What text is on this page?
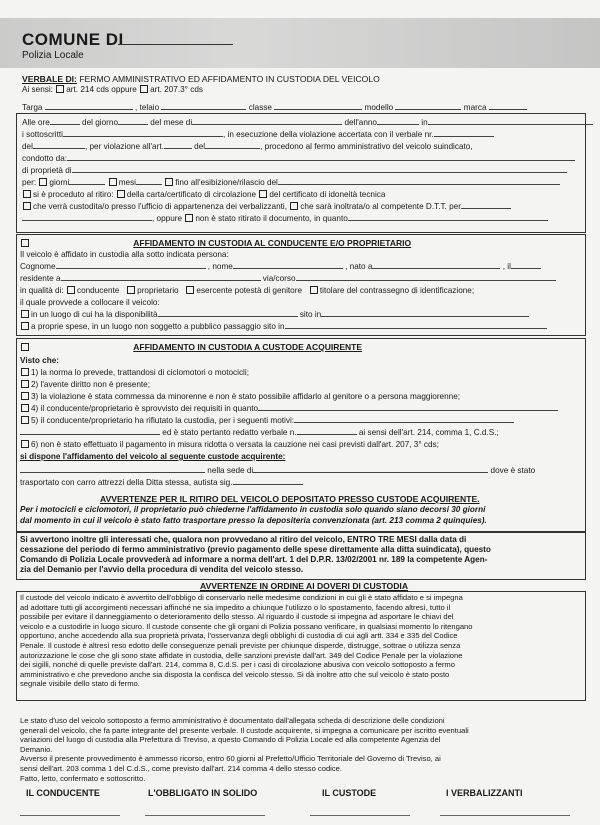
COMUNE DI
Polizia Locale
VERBALE DI: FERMO AMMINISTRATIVO ED AFFIDAMENTO IN CUSTODIA DEL VEICOLO
Ai sensi: art. 214 cds oppure art. 207.3° cds
Targa	, telaio	classe	modello	marca
Alle ore	del giorno	del mese di	dell'anno	in
i sottoscritti	, in esecuzione della violazione accertata con il verbale nr.
del	, per violazione all'art.	del	, procedono al fermo amministrativo del veicolo suindicato,
condotto da:
di proprietà di
per: giorni	mesi	fino all'esibizione/rilascio del
si è proceduto al ritiro: della carta/certificato di circolazione del certificato di idoneità tecnica
che verrà custodita/o presso l'ufficio di appartenenza dei verbalizzanti, che sarà inoltrata/o al competente D.T.T. per
, oppure non è stato ritirato il documento, in quanto
AFFIDAMENTO IN CUSTODIA AL CONDUCENTE E/O PROPRIETARIO
Il veicolo è affidato in custodia alla sotto indicata persona:
Cognome	, nome	, nato a	, il
residente a	via/corso
in qualità di: conducente proprietario esercente potestà di genitore titolare del contrassegno di identificazione;
il quale provvede a collocare il veicolo:
in un luogo di cui ha la disponibilità	sito in
a proprie spese, in un luogo non soggetto a pubblico passaggio sito in
AFFIDAMENTO IN CUSTODIA A CUSTODE ACQUIRENTE
Visto che:
1) la norma lo prevede, trattandosi di ciclomotori o motocicli;
2) l'avente diritto non è presente;
3) la violazione è stata commessa da minorenne e non è stato possibile affidarlo al genitore o a persona maggiorenne;
4) il conducente/proprietario è sprovvisto dei requisiti in quanto
5) il conducente/proprietario ha rifiutato la custodia, per i seguenti motivi:
ed è stato pertanto redatto verbale n.	ai sensi dell'art. 214, comma 1, C.d.S.;
6) non è stato effettuato il pagamento in misura ridotta o versata la cauzione nei casi previsti dall'art. 207, 3° cds;
si dispone l'affidamento del veicolo al seguente custode acquirente:
nella sede di	dove è stato
trasportato con carro attrezzi della Ditta stessa, autista sig.
AVVERTENZE PER IL RITIRO DEL VEICOLO DEPOSITATO PRESSO CUSTODE ACQUIRENTE.
Per i motocicli e ciclomotori, il proprietario può chiederne l'affidamento in custodia solo quando siano decorsi 30 giorni
dal momento in cui il veicolo è stato fatto trasportare presso la depositeria convenzionata (art. 213 comma 2 quinquies).
Si avvertono inoltre gli interessati che, qualora non provvedano al ritiro del veicolo, ENTRO TRE MESI dalla data di
cessazione del periodo di fermo amministrativo (previo pagamento delle spese direttamente alla ditta suindicata), questo
Comando di Polizia Locale provvederà ad informare a norma dell'art. 1 del D.P.R. 13/02/2001 nr. 189 la competente Agen-
zia del Demanio per l'avvio della procedura di vendita del veicolo stesso.
AVVERTENZE IN ORDINE AI DOVERI DI CUSTODIA
Il custode del veicolo indicato è avvertito dell'obbligo di conservarlo nelle medesime condizioni in cui gli è stato affidato e si impegna
ad adottare tutti gli accorgimenti necessari affinché ne sia impedito a chiunque l'utilizzo o lo spostamento, facendo altresì, tutto il
possibile per evitare il danneggiamento o deterioramento dello stesso. Al riguardo il custode si impegna ad asportare le chiavi del
veicolo e a custodirle in luogo sicuro. Il custode consente che gli organi di Polizia possano verificare, in qualsiasi momento lo ritengano
opportuno, anche accedendo alla sua proprietà privata, l'osservanza degli obblighi di custodia di cui agli artt. 334 e 335 del Codice
Penale. Il custode è altresì reso edotto delle conseguenze penali previste per chiunque disperde, distrugge, sottrae o utilizza senza
autorizzazione le cose che gli sono state affidate in custodia, delle sanzioni previste dall'art. 349 del Codice Penale per la violazione
dei sigilli, nonché di quelle previste dall'art. 214, comma 8, C.d.S. per i casi di circolazione abusiva con veicolo sottoposto a fermo
amministrativo e che prevedono anche sia disposta la confisca del veicolo stesso. Si dà inoltre atto che sul veicolo è stato posto
segnale visibile dello stato di fermo.
Le stato d'uso del veicolo sottoposto a fermo amministrativo è documentato dall'allegata scheda di descrizione delle condizioni
generali del veicolo, che fa parte integrante del presente verbale. Il custode acquirente, si impegna a comunicare per iscritto eventuali
variazioni del luogo di custodia alla Prefettura di Treviso, a questo Comando di Polizia Locale ed alla competente Agenzia del
Demanio.
Avverso il presente provvedimento è ammesso ricorso, entro 60 giorni al Prefetto/Ufficio Territoriale del Governo di Treviso, ai
sensi dell'art. 203 comma 1 del C.d.S., come previsto dall'art. 214 comma 4 dello stesso codice.
Fatto, letto, confermato e sottoscritto.
IL CONDUCENTE	L'OBBLIGATO IN SOLIDO	IL CUSTODE	I VERBALIZZANTI
